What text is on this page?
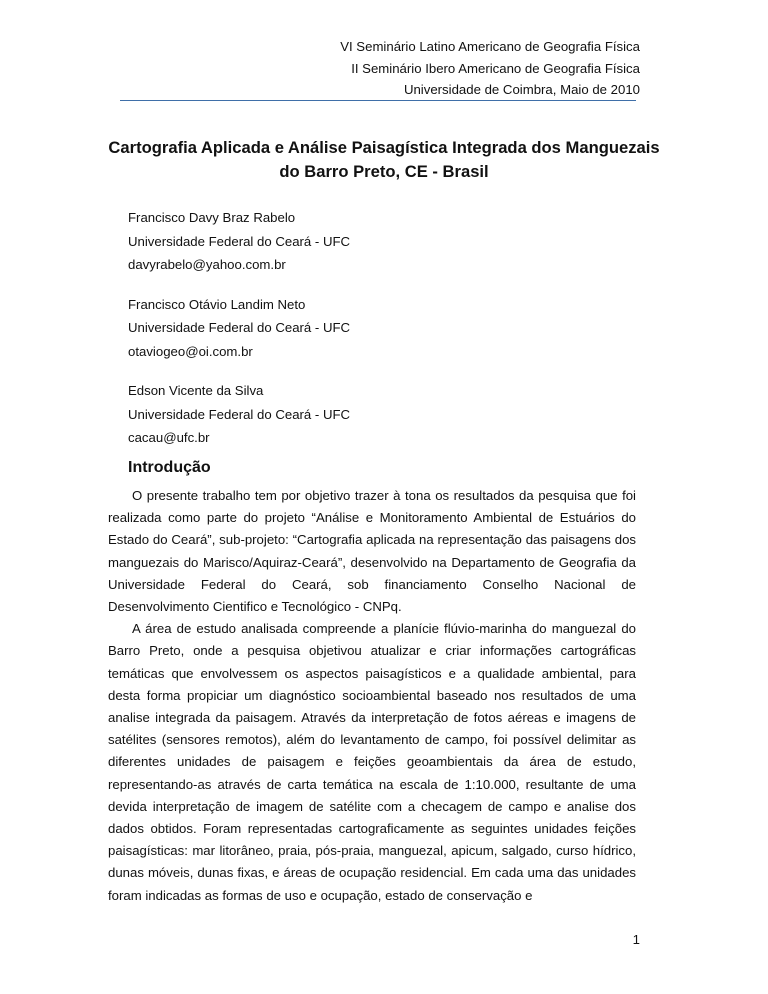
VI Seminário Latino Americano de Geografia Física
II Seminário Ibero Americano de Geografia Física
Universidade de Coimbra, Maio de 2010
Cartografia Aplicada e Análise Paisagística Integrada dos Manguezais
do Barro Preto, CE - Brasil
Francisco Davy Braz Rabelo
Universidade Federal do Ceará - UFC
davyrabelo@yahoo.com.br
Francisco Otávio Landim Neto
Universidade Federal do Ceará - UFC
otaviogeo@oi.com.br
Edson Vicente da Silva
Universidade Federal do Ceará - UFC
cacau@ufc.br
Introdução

O presente trabalho tem por objetivo trazer à tona os resultados da pesquisa que foi realizada como parte do projeto “Análise e Monitoramento Ambiental de Estuários do Estado do Ceará”, sub-projeto: “Cartografia aplicada na representação das paisagens dos manguezais do Marisco/Aquiraz-Ceará”, desenvolvido na Departamento de Geografia da Universidade Federal do Ceará, sob financiamento Conselho Nacional de Desenvolvimento Cientifico e Tecnológico - CNPq.

A área de estudo analisada compreende a planície flúvio-marinha do manguezal do Barro Preto, onde a pesquisa objetivou atualizar e criar informações cartográficas temáticas que envolvessem os aspectos paisagísticos e a qualidade ambiental, para desta forma propiciar um diagnóstico socioambiental baseado nos resultados de uma analise integrada da paisagem. Através da interpretação de fotos aéreas e imagens de satélites (sensores remotos), além do levantamento de campo, foi possível delimitar as diferentes unidades de paisagem e feições geoambientais da área de estudo, representando-as através de carta temática na escala de 1:10.000, resultante de uma devida interpretação de imagem de satélite com a checagem de campo e analise dos dados obtidos. Foram representadas cartograficamente as seguintes unidades feições paisagísticas: mar litorâneo, praia, pós-praia, manguezal, apicum, salgado, curso hídrico, dunas móveis, dunas fixas, e áreas de ocupação residencial. Em cada uma das unidades foram indicadas as formas de uso e ocupação, estado de conservação e

1
